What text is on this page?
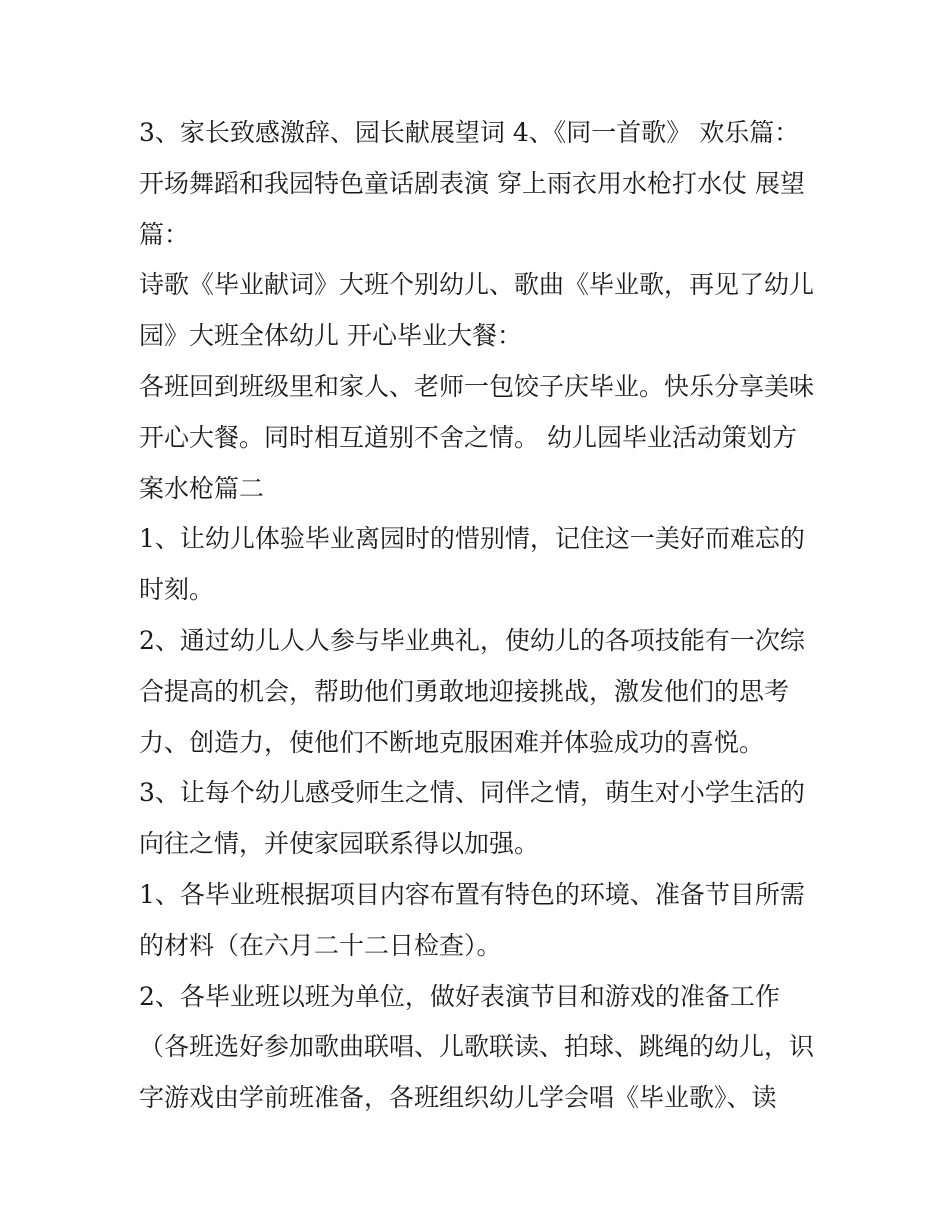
3、家长致感激辞、园长献展望词 4、《同一首歌》 欢乐篇：

开场舞蹈和我园特色童话剧表演 穿上雨衣用水枪打水仗 展望

篇：

诗歌《毕业献词》大班个别幼儿、歌曲《毕业歌，再见了幼儿

园》大班全体幼儿 开心毕业大餐：

各班回到班级里和家人、老师一包饺子庆毕业。快乐分享美味

开心大餐。同时相互道别不舍之情。 幼儿园毕业活动策划方

案水枪篇二

1、让幼儿体验毕业离园时的惜别情，记住这一美好而难忘的

时刻。

2、通过幼儿人人参与毕业典礼，使幼儿的各项技能有一次综

合提高的机会，帮助他们勇敢地迎接挑战，激发他们的思考

力、创造力，使他们不断地克服困难并体验成功的喜悦。

3、让每个幼儿感受师生之情、同伴之情，萌生对小学生活的

向往之情，并使家园联系得以加强。

1、各毕业班根据项目内容布置有特色的环境、准备节目所需

的材料（在六月二十二日检查）。

2、各毕业班以班为单位，做好表演节目和游戏的准备工作

（各班选好参加歌曲联唱、儿歌联读、拍球、跳绳的幼儿，识

字游戏由学前班准备，各班组织幼儿学会唱《毕业歌》、读
